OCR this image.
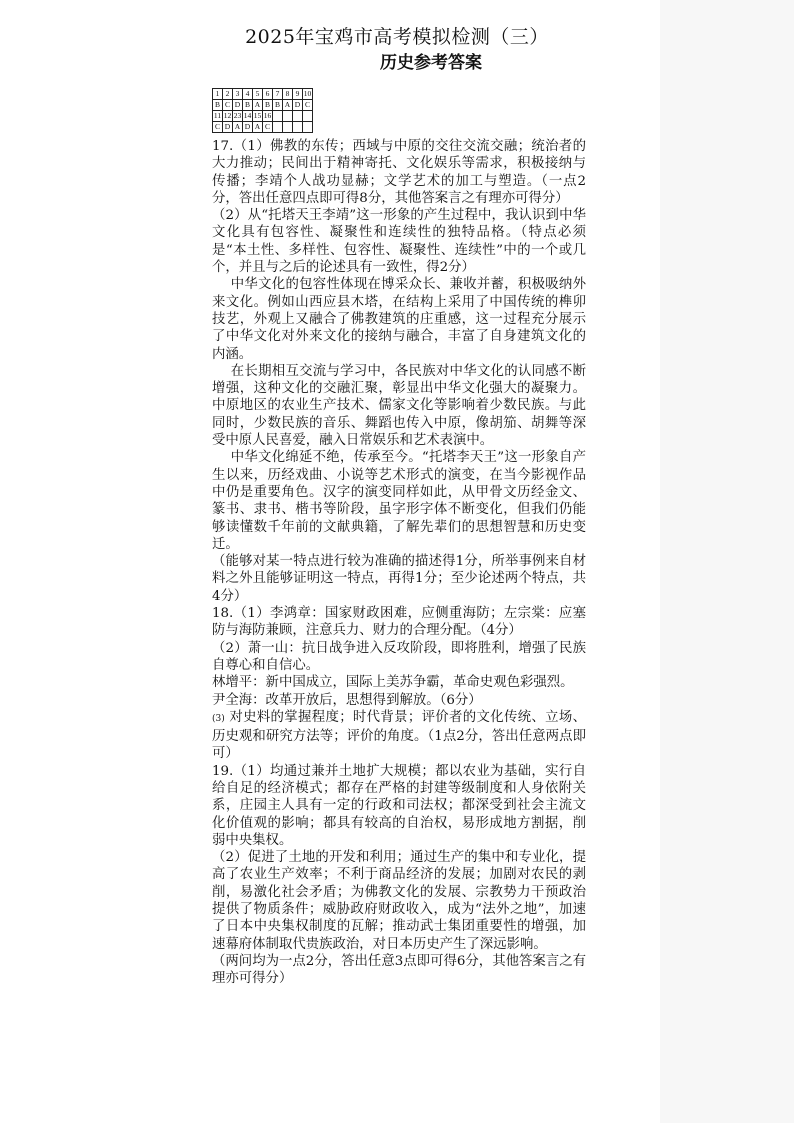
2025年宝鸡市高考模拟检测（三）
历史参考答案
1	2	3	4	5	6	7	8	9	10
B	C	D	B	A	B	B	A	D	C
11	12	23	14	15	16				
C	D	A	D	A	C				

17.（1）佛教的东传；西域与中原的交往交流交融；统治者的大力推动；民间出于精神寄托、文化娱乐等需求，积极接纳与传播；李靖个人战功显赫；文学艺术的加工与塑造。（一点2分，答出任意四点即可得8分，其他答案言之有理亦可得分）

（2）从“托塔天王李靖”这一形象的产生过程中，我认识到中华文化具有包容性、凝聚性和连续性的独特品格。（特点必须是“本土性、多样性、包容性、凝聚性、连续性”中的一个或几个，并且与之后的论述具有一致性，得2分）

中华文化的包容性体现在博采众长、兼收并蓄，积极吸纳外来文化。例如山西应县木塔，在结构上采用了中国传统的榫卯技艺，外观上又融合了佛教建筑的庄重感，这一过程充分展示了中华文化对外来文化的接纳与融合，丰富了自身建筑文化的内涵。

在长期相互交流与学习中，各民族对中华文化的认同感不断增强，这种文化的交融汇聚，彰显出中华文化强大的凝聚力。中原地区的农业生产技术、儒家文化等影响着少数民族。与此同时，少数民族的音乐、舞蹈也传入中原，像胡笳、胡舞等深受中原人民喜爱，融入日常娱乐和艺术表演中。

中华文化绵延不绝，传承至今。“托塔李天王”这一形象自产生以来，历经戏曲、小说等艺术形式的演变，在当今影视作品中仍是重要角色。汉字的演变同样如此，从甲骨文历经金文、篆书、隶书、楷书等阶段，虽字形字体不断变化，但我们仍能够读懂数千年前的文献典籍，了解先辈们的思想智慧和历史变迁。

（能够对某一特点进行较为准确的描述得1分，所举事例来自材料之外且能够证明这一特点，再得1分；至少论述两个特点，共4分）

18.（1）李鸿章：国家财政困难，应侧重海防；左宗棠：应塞防与海防兼顾，注意兵力、财力的合理分配。（4分）

（2）萧一山：抗日战争进入反攻阶段，即将胜利，增强了民族自尊心和自信心。

林增平：新中国成立，国际上美苏争霸，革命史观色彩强烈。

尹全海：改革开放后，思想得到解放。（6分）

(3) 对史料的掌握程度；时代背景；评价者的文化传统、立场、历史观和研究方法等；评价的角度。（1点2分，答出任意两点即可）

19.（1）均通过兼并土地扩大规模；都以农业为基础，实行自给自足的经济模式；都存在严格的封建等级制度和人身依附关系，庄园主人具有一定的行政和司法权；都深受到社会主流文化价值观的影响；都具有较高的自治权，易形成地方割据，削弱中央集权。

（2）促进了土地的开发和利用；通过生产的集中和专业化，提高了农业生产效率；不利于商品经济的发展；加剧对农民的剥削，易激化社会矛盾；为佛教文化的发展、宗教势力干预政治提供了物质条件；威胁政府财政收入，成为“法外之地”，加速了日本中央集权制度的瓦解；推动武士集团重要性的增强，加速幕府体制取代贵族政治，对日本历史产生了深远影响。

（两问均为一点2分，答出任意3点即可得6分，其他答案言之有理亦可得分）
